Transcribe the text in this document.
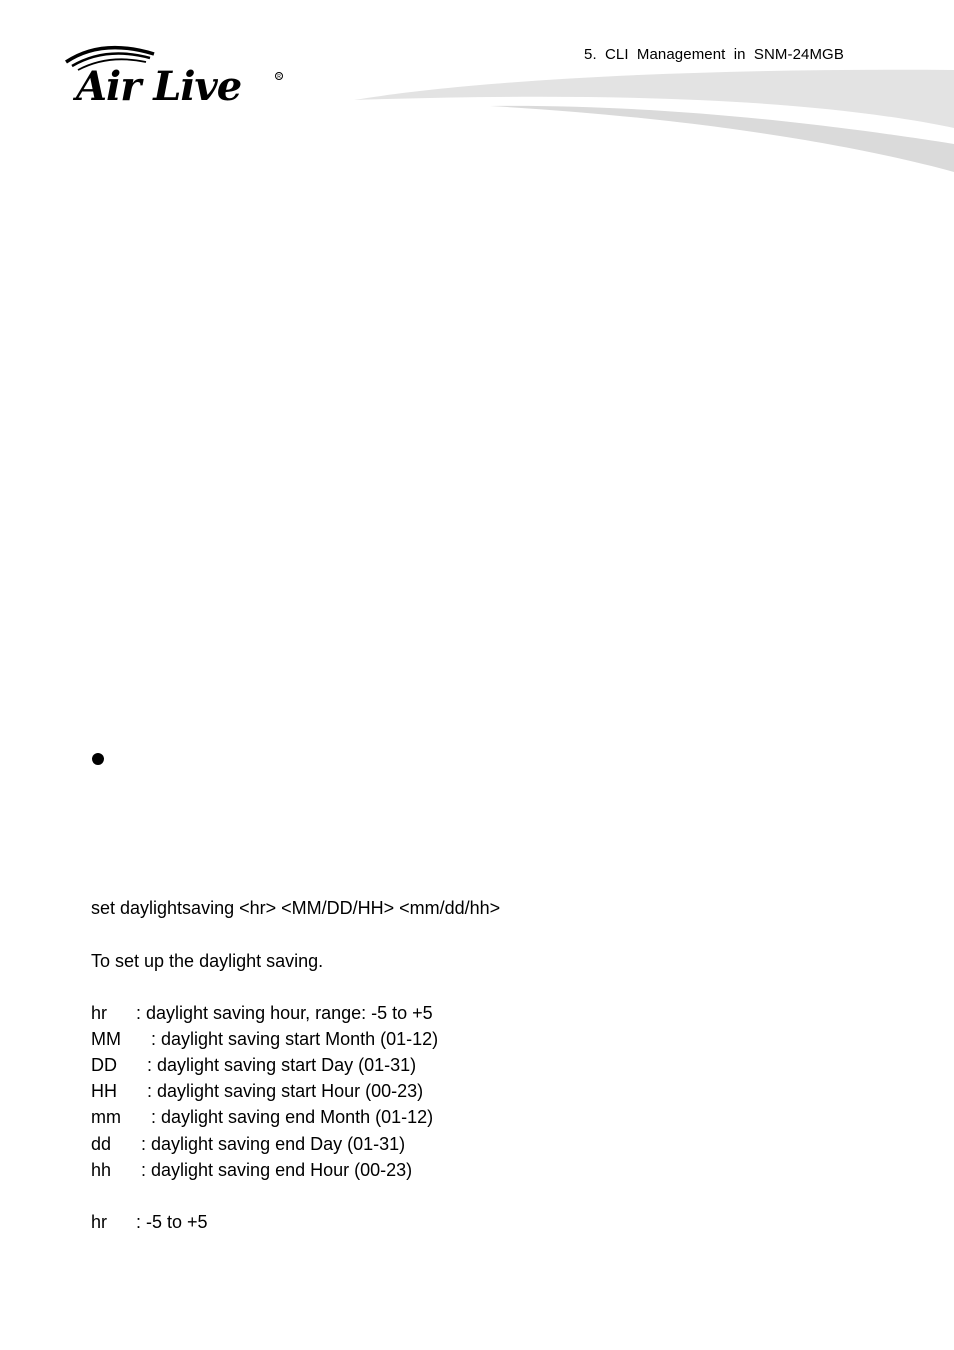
Air Live	R
5. CLI Management in SNM-24MGB
set daylightsaving <hr> <MM/DD/HH> <mm/dd/hh>
To set up the daylight saving.
hr : daylight saving hour, range: -5 to +5
MM : daylight saving start Month (01-12)
DD : daylight saving start Day (01-31)
HH : daylight saving start Hour (00-23)
mm : daylight saving end Month (01-12)
dd : daylight saving end Day (01-31)
hh : daylight saving end Hour (00-23)
hr : -5 to +5
